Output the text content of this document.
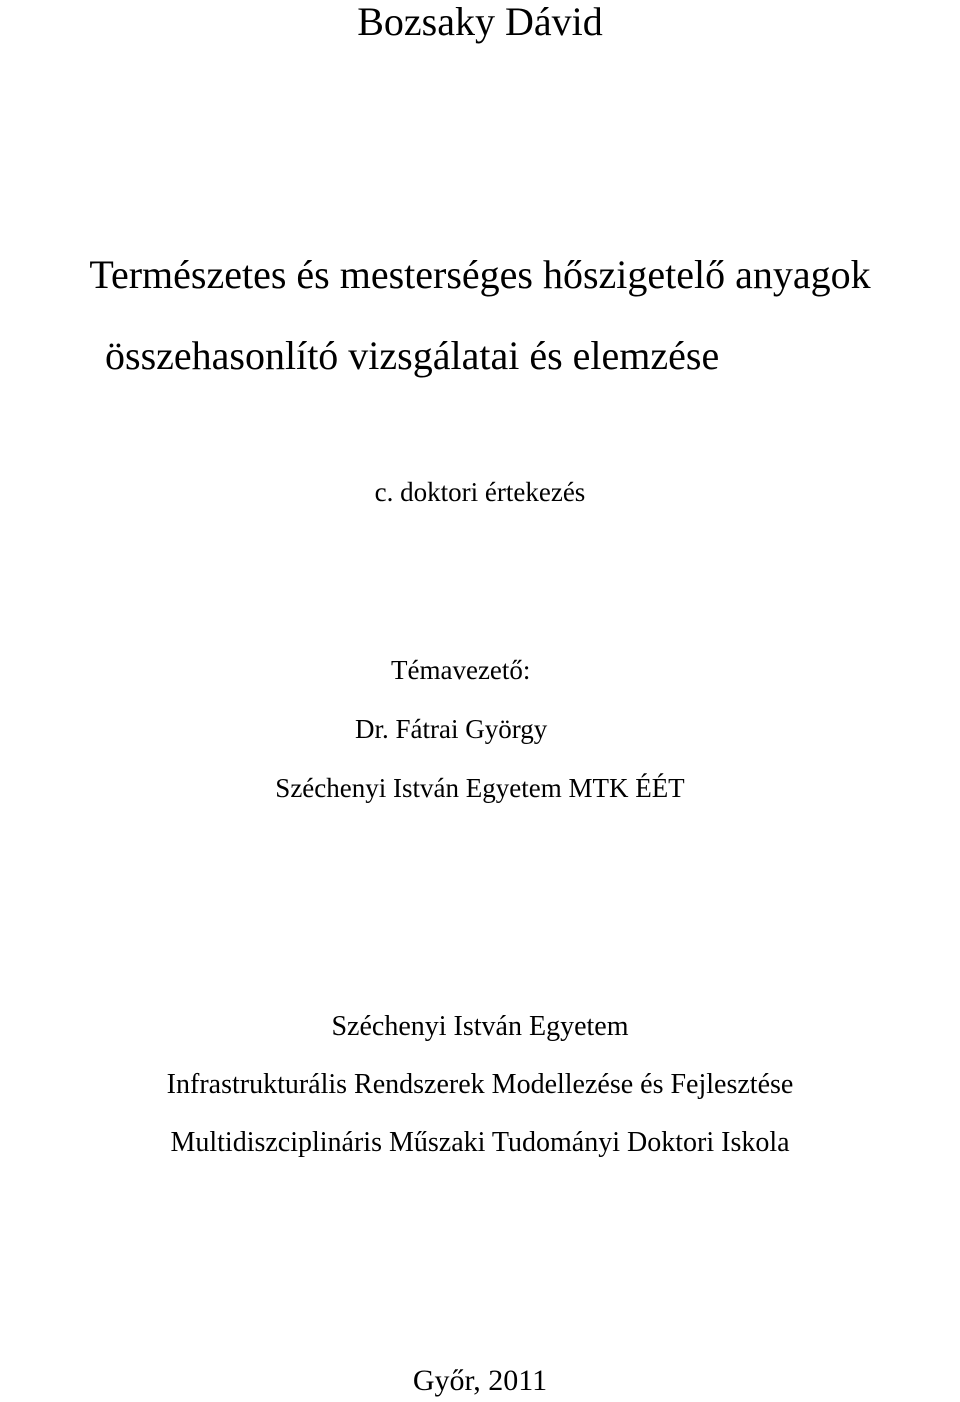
Bozsaky Dávid
Természetes és mesterséges hőszigetelő anyagok
összehasonlító vizsgálatai és elemzése
c. doktori értekezés
Témavezető:
Dr. Fátrai György
Széchenyi István Egyetem MTK ÉÉT
Széchenyi István Egyetem
Infrastrukturális Rendszerek Modellezése és Fejlesztése
Multidiszciplináris Műszaki Tudományi Doktori Iskola
Győr, 2011
